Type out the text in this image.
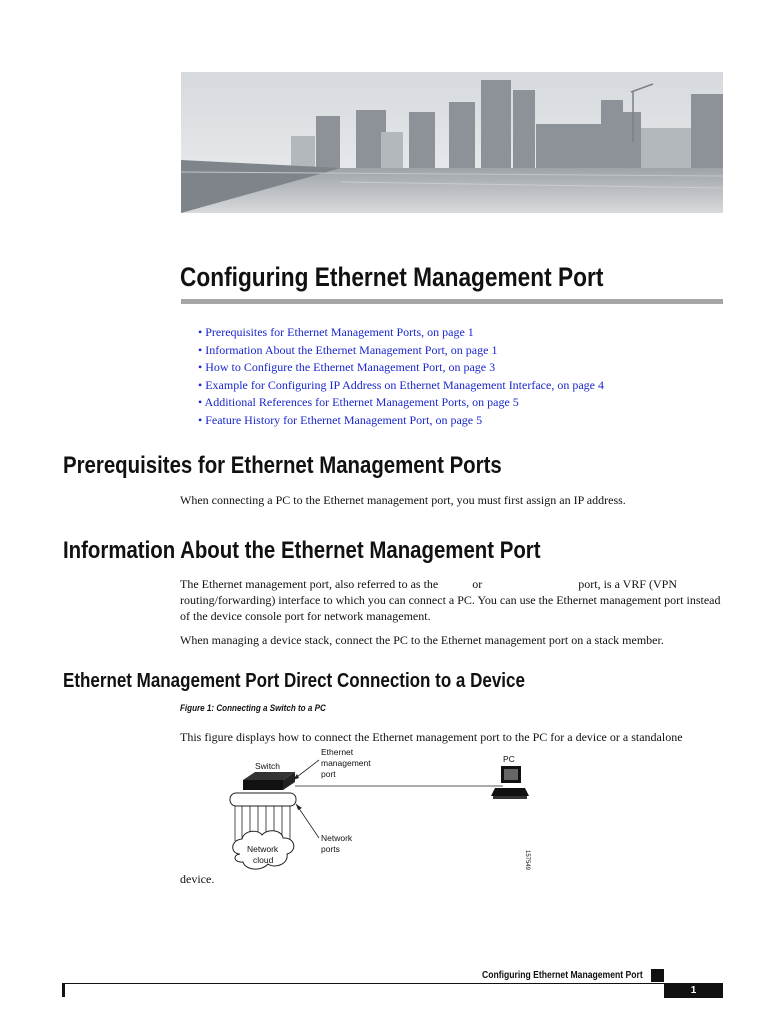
Configuring Ethernet Management Port
• Prerequisites for Ethernet Management Ports, on page 1
• Information About the Ethernet Management Port, on page 1
• How to Configure the Ethernet Management Port, on page 3
• Example for Configuring IP Address on Ethernet Management Interface, on page 4
• Additional References for Ethernet Management Ports, on page 5
• Feature History for Ethernet Management Port, on page 5
Prerequisites for Ethernet Management Ports
When connecting a PC to the Ethernet management port, you must first assign an IP address.
Information About the Ethernet Management Port
The Ethernet management port, also referred to as the	or	port, is a VRF (VPN
routing/forwarding) interface to which you can connect a PC. You can use the Ethernet management port instead of the device console port for network management.
When managing a device stack, connect the PC to the Ethernet management port on a stack member.
Ethernet Management Port Direct Connection to a Device
Figure 1: Connecting a Switch to a PC
This figure displays how to connect the Ethernet management port to the PC for a device or a standalone
Switch
Network
cloud
Ethernet
management
port
Network
ports
PC
157549
device.
Configuring Ethernet Management Port
1
